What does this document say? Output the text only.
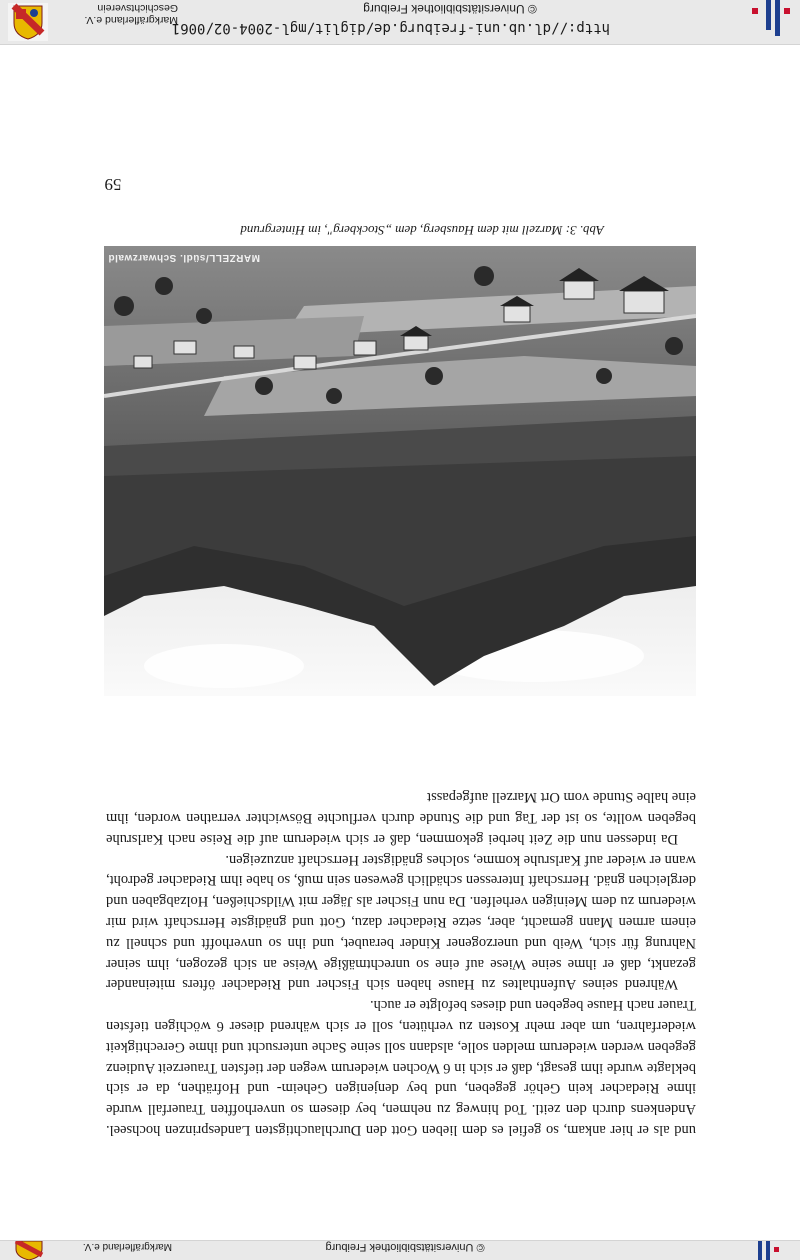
Markgräflerland e.V.
Geschichtsverein
http://dl.ub.uni-freiburg.de/diglit/mgl-2004-02/0061
© Universitätsbibliothek Freiburg
59
Abb. 3: Marzell mit dem Hausberg, dem „Stockberg", im Hintergrund
MARZELL/südl. Schwarzwald

und als er hier ankam, so gefiel es dem lieben Gott den Durchlauchtigsten Landesprinzen hochseel. Andenkens durch den zeitl. Tod hinweg zu nehmen, bey diesem so unverhofften Trauerfall wurde ihme Riedacher kein Gehör gegeben, und bey denjenigen Geheim- und Hofräthen, da er sich beklagte wurde ihm gesagt, daß er sich in 6 Wochen wiederum wegen der tiefsten Trauerzeit Audienz gegeben werden wiederum melden solle, alsdann soll seine Sache untersucht und ihme Gerechtigkeit wiederfahren, um aber mehr Kosten zu verhüten, soll er sich während dieser 6 wöchigen tiefsten Trauer nach Hause begeben und dieses befolgte er auch.

Während seines Aufenthaltes zu Hause haben sich Fischer und Riedacher öfters miteinander gezankt, daß er ihme seine Wiese auf eine so unrechtmäßige Weise an sich gezogen, ihm seiner Nahrung für sich, Weib und unerzogener Kinder beraubet, und ihn so unverhofft und schnell zu einem armen Mann gemacht, aber, setze Riedacher dazu, Gott und gnädigste Herrschaft wird mir wiederum zu dem Meinigen verhelfen. Da nun Fischer als Jäger mit Wildschießen, Holzabgaben und dergleichen gnäd. Herrschaft Interessen schädlich gewesen sein muß, so habe ihm Riedacher gedroht, wann er wieder auf Karlsruhe komme, solches gnädigster Herrschaft anzuzeigen.

Da indessen nun die Zeit herbei gekommen, daß er sich wiederum auf die Reise nach Karlsruhe begeben wollte, so ist der Tag und die Stunde durch verfluchte Böswichter verrathen worden, ihm eine halbe Stunde vom Ort Marzell aufgepasst

Markgräflerland e.V.	© Universitätsbibliothek Freiburg
